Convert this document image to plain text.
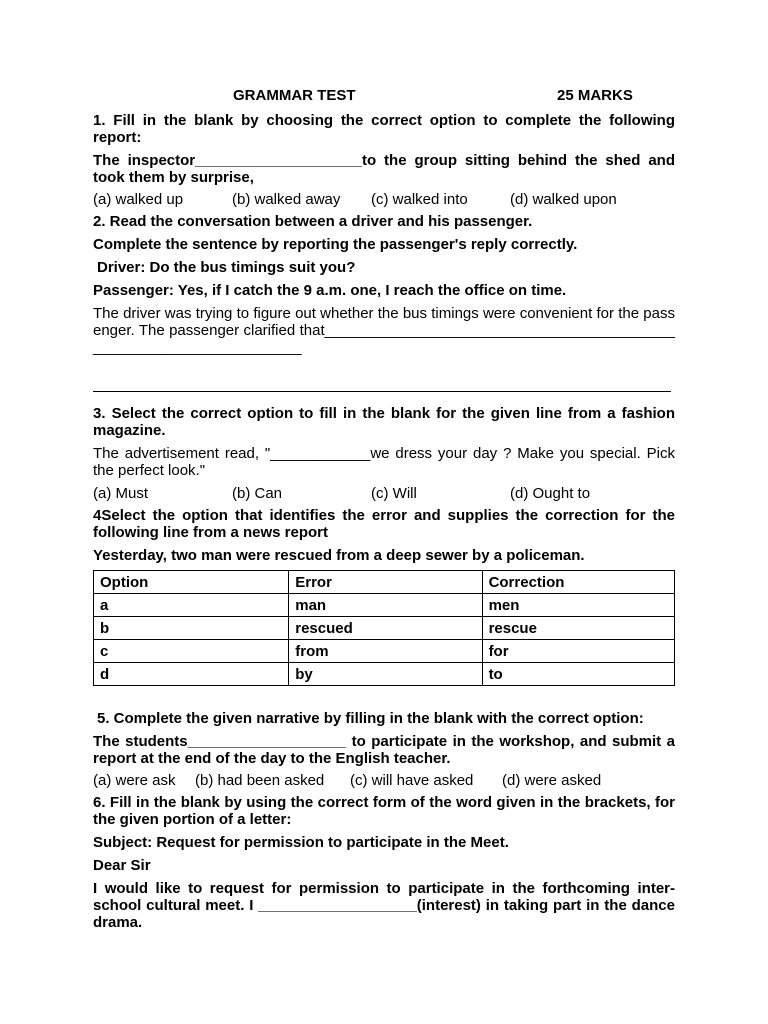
GRAMMAR TEST	25 MARKS

1. Fill in the blank by choosing the correct option to complete the following report:

The inspector____________________to the group sitting behind the shed and took them by surprise,

(a) walked up	(b) walked away	(c) walked into	(d) walked upon

2. Read the conversation between a driver and his passenger.

Complete the sentence by reporting the passenger's reply correctly.

Driver: Do the bus timings suit you?

Passenger: Yes, if I catch the 9 a.m. one, I reach the office on time.

The driver was trying to figure out whether the bus timings were convenient for the passenger. The passenger clarified that___________________________________________________________________

3. Select the correct option to fill in the blank for the given line from a fashion magazine.

The advertisement read, "____________we dress your day ? Make you special. Pick the perfect look."

(a) Must	(b) Can	(c) Will	(d) Ought to

4Select the option that identifies the error and supplies the correction for the following line from a news report

Yesterday, two man were rescued from a deep sewer by a policeman.

Option	Error	Correction
a	man	men
b	rescued	rescue
c	from	for
d	by	to

5. Complete the given narrative by filling in the blank with the correct option:

The students___________________ to participate in the workshop, and submit a report at the end of the day to the English teacher.

(a) were ask	(b) had been asked	(c) will have asked	(d) were asked

6. Fill in the blank by using the correct form of the word given in the brackets, for the given portion of a letter:

Subject: Request for permission to participate in the Meet.

Dear Sir

I would like to request for permission to participate in the forthcoming inter-school cultural meet. I ___________________(interest) in taking part in the dance drama.
